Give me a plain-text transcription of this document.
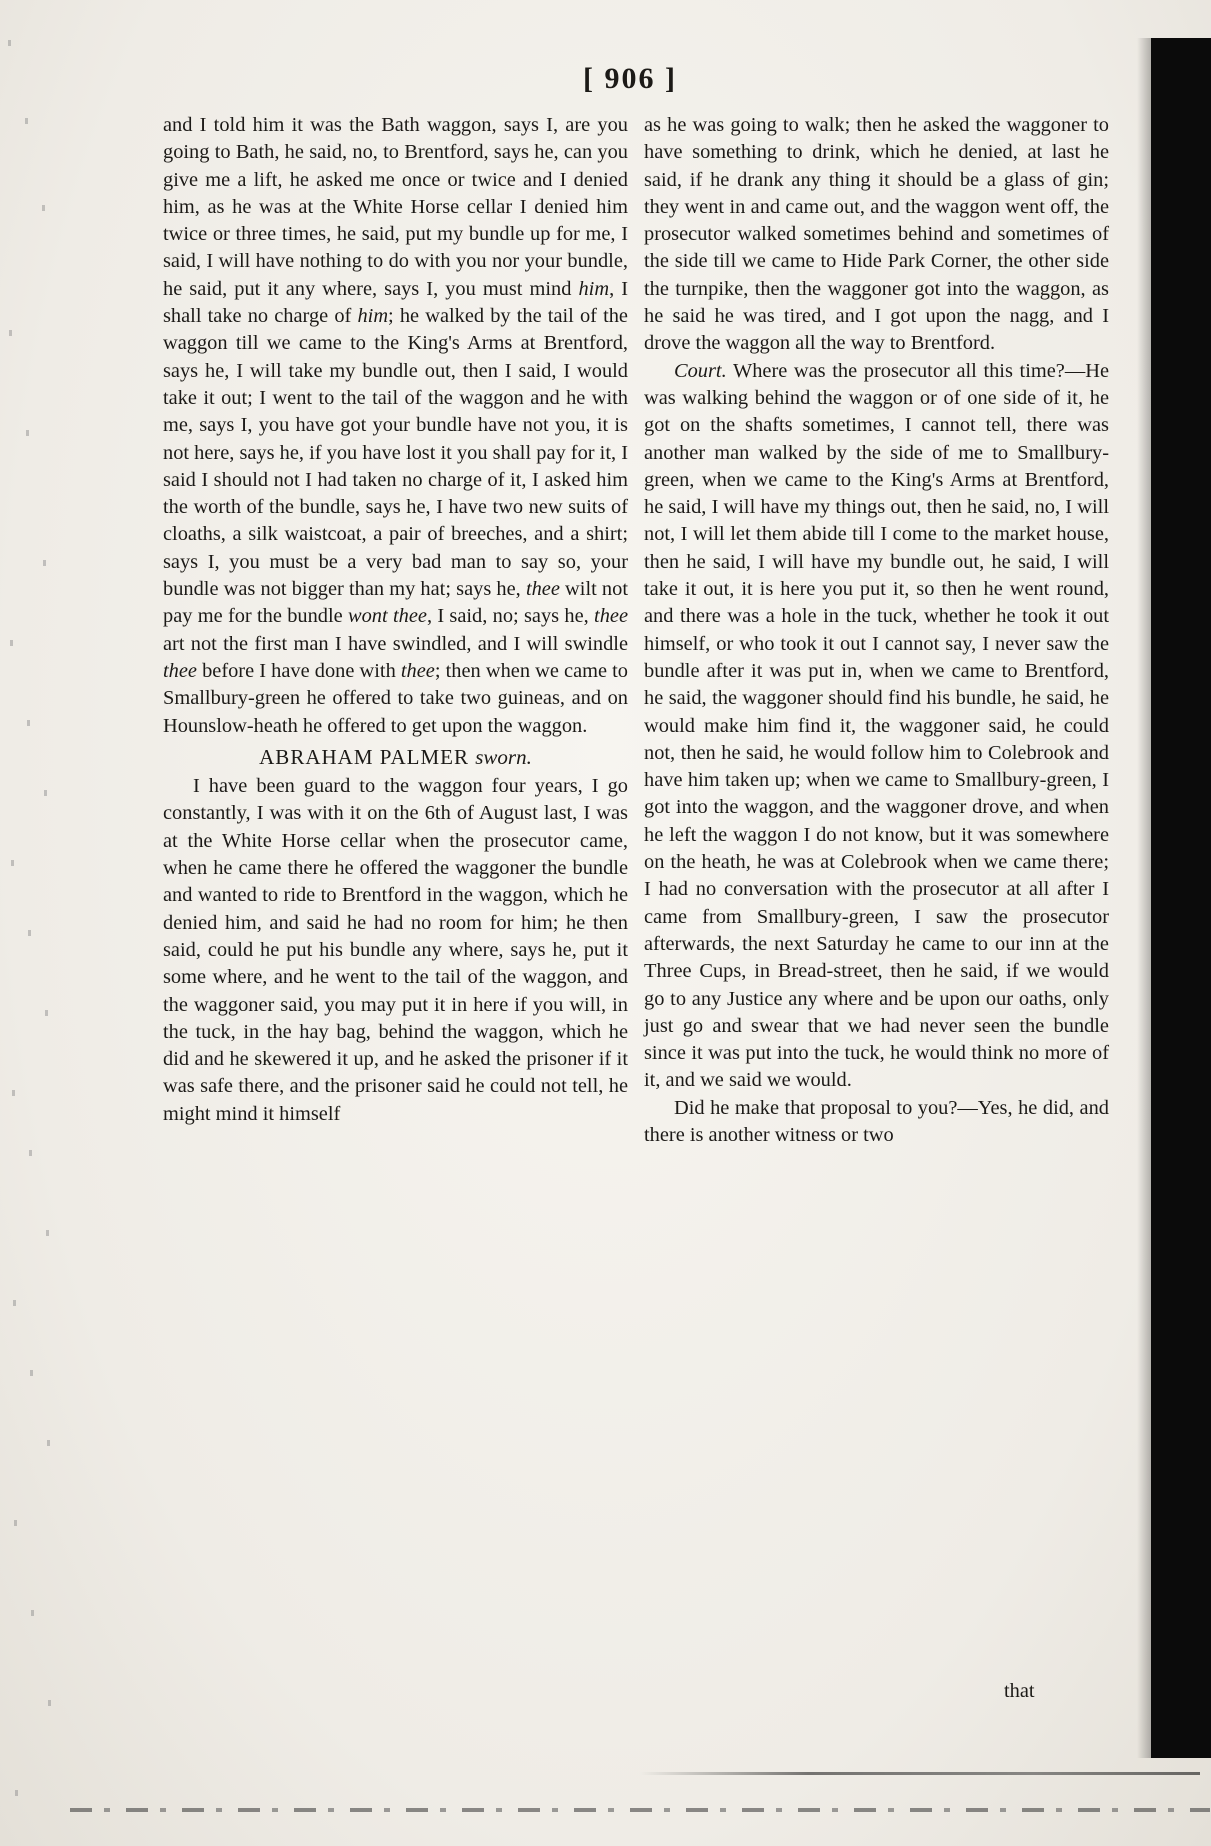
[ 906 ]

and I told him it was the Bath waggon, says I, are you going to Bath, he said, no, to Brentford, says he, can you give me a lift, he asked me once or twice and I denied him, as he was at the White Horse cellar I denied him twice or three times, he said, put my bundle up for me, I said, I will have nothing to do with you nor your bundle, he said, put it any where, says I, you must mind him, I shall take no charge of him; he walked by the tail of the waggon till we came to the King's Arms at Brentford, says he, I will take my bundle out, then I said, I would take it out; I went to the tail of the waggon and he with me, says I, you have got your bundle have not you, it is not here, says he, if you have lost it you shall pay for it, I said I should not I had taken no charge of it, I asked him the worth of the bundle, says he, I have two new suits of cloaths, a silk waistcoat, a pair of breeches, and a shirt; says I, you must be a very bad man to say so, your bundle was not bigger than my hat; says he, thee wilt not pay me for the bundle wont thee, I said, no; says he, thee art not the first man I have swindled, and I will swindle thee before I have done with thee; then when we came to Smallbury-green he offered to take two guineas, and on Hounslow-heath he offered to get upon the waggon.

ABRAHAM PALMER sworn.

I have been guard to the waggon four years, I go constantly, I was with it on the 6th of August last, I was at the White Horse cellar when the prosecutor came, when he came there he offered the waggoner the bundle and wanted to ride to Brentford in the waggon, which he denied him, and said he had no room for him; he then said, could he put his bundle any where, says he, put it some where, and he went to the tail of the waggon, and the waggoner said, you may put it in here if you will, in the tuck, in the hay bag, behind the waggon, which he did and he skewered it up, and he asked the prisoner if it was safe there, and the prisoner said he could not tell, he might mind it himself

as he was going to walk; then he asked the waggoner to have something to drink, which he denied, at last he said, if he drank any thing it should be a glass of gin; they went in and came out, and the waggon went off, the prosecutor walked sometimes behind and sometimes of the side till we came to Hide Park Corner, the other side the turnpike, then the waggoner got into the waggon, as he said he was tired, and I got upon the nagg, and I drove the waggon all the way to Brentford.

Court. Where was the prosecutor all this time?—He was walking behind the waggon or of one side of it, he got on the shafts sometimes, I cannot tell, there was another man walked by the side of me to Smallbury-green, when we came to the King's Arms at Brentford, he said, I will have my things out, then he said, no, I will not, I will let them abide till I come to the market house, then he said, I will have my bundle out, he said, I will take it out, it is here you put it, so then he went round, and there was a hole in the tuck, whether he took it out himself, or who took it out I cannot say, I never saw the bundle after it was put in, when we came to Brentford, he said, the waggoner should find his bundle, he said, he would make him find it, the waggoner said, he could not, then he said, he would follow him to Colebrook and have him taken up; when we came to Smallbury-green, I got into the waggon, and the waggoner drove, and when he left the waggon I do not know, but it was somewhere on the heath, he was at Colebrook when we came there; I had no conversation with the prosecutor at all after I came from Smallbury-green, I saw the prosecutor afterwards, the next Saturday he came to our inn at the Three Cups, in Bread-street, then he said, if we would go to any Justice any where and be upon our oaths, only just go and swear that we had never seen the bundle since it was put into the tuck, he would think no more of it, and we said we would.

Did he make that proposal to you?—Yes, he did, and there is another witness or two

that
